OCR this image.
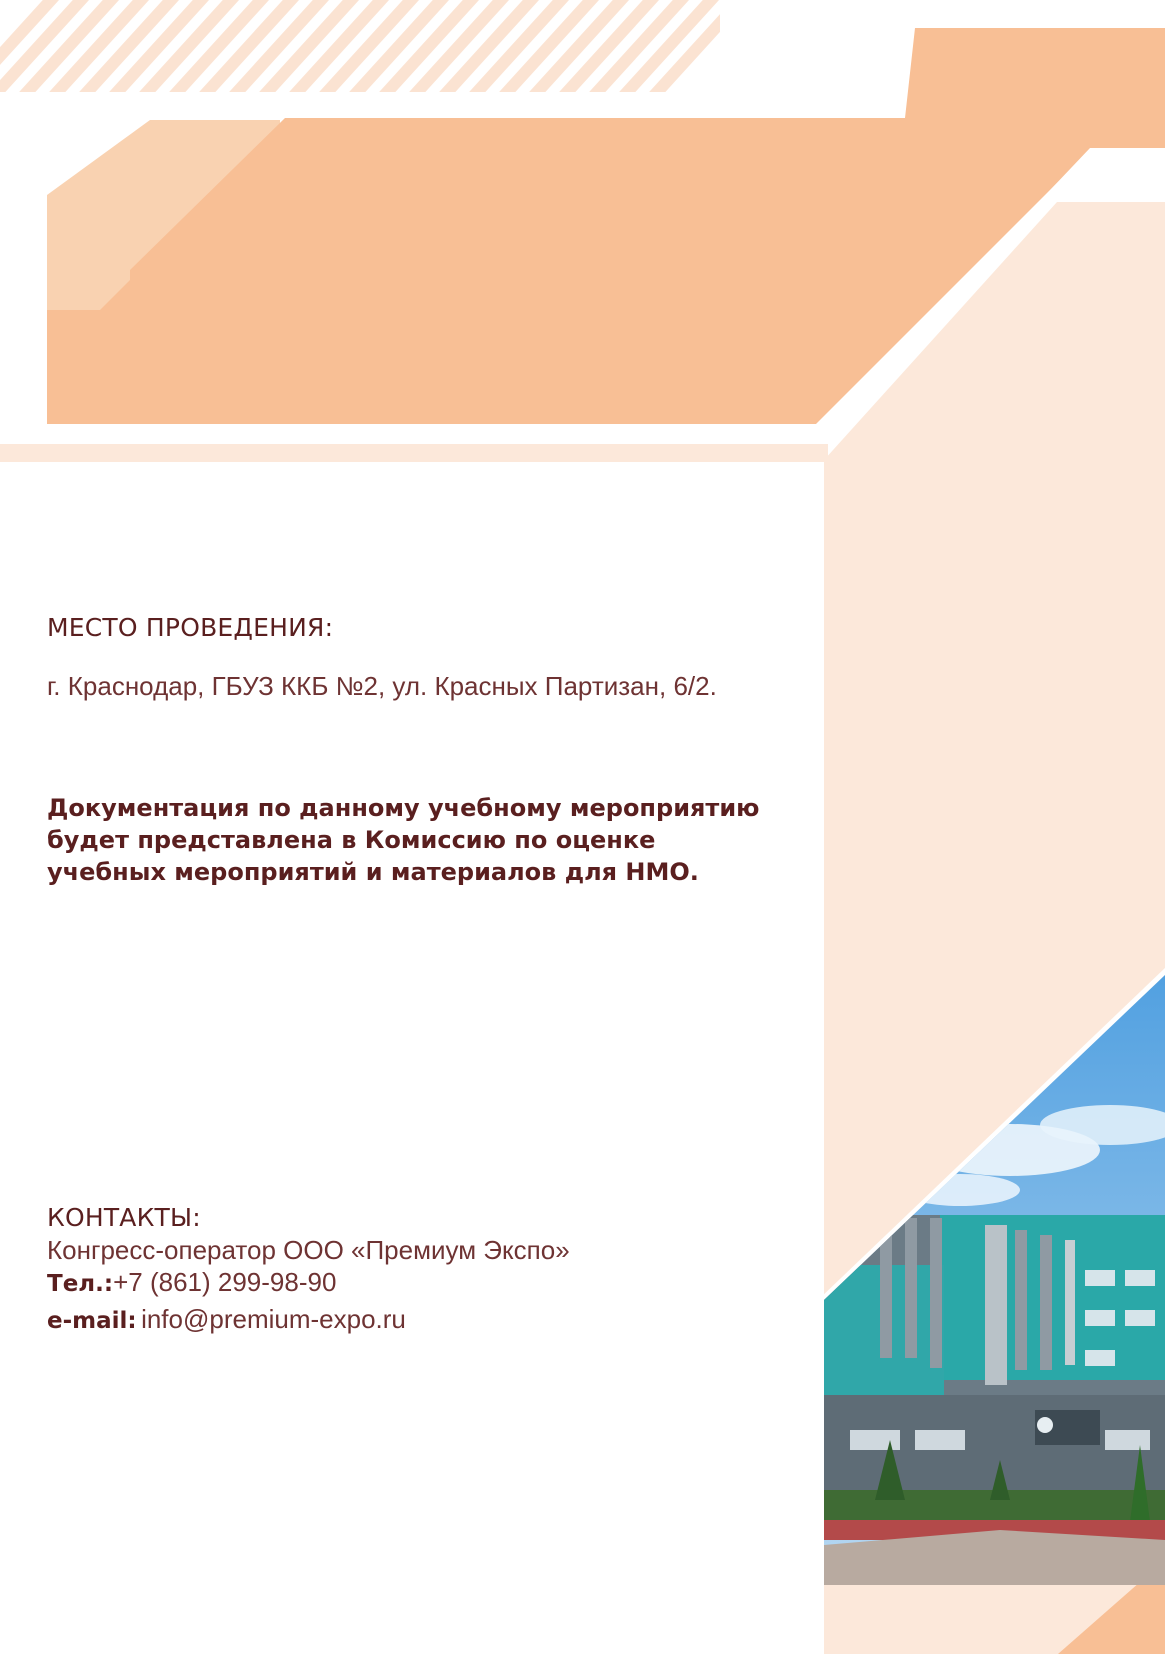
МЕСТО ПРОВЕДЕНИЯ:
г. Краснодар, ГБУЗ ККБ №2, ул. Красных Партизан, 6/2.
Документация по данному учебному мероприятию будет представлена в Комиссию по оценке учебных мероприятий и материалов для НМО.
КОНТАКТЫ:
Конгресс-оператор ООО «Премиум Экспо»
Тел.:+7 (861) 299-98-90
e-mail: info@premium-expo.ru
